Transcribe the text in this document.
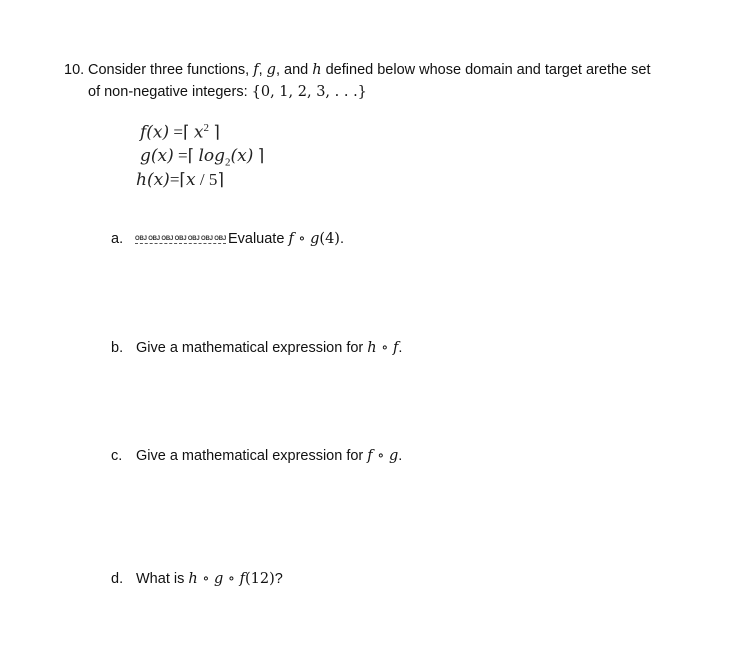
10. Consider three functions, f, g, and h defined below whose domain and target arethe set
of non-negative integers: {0, 1, 2, 3, . . .}
f(x) =⌈ $x^2$ ⌉
g(x) =⌈ $\log_2(x)$ ⌉
h(x)=⌈x / 5⌉
a. OBJ OBJ OBJ OBJ OBJ OBJ OBJ Evaluate f ∘ g(4).
b. Give a mathematical expression for h ∘ f.
c. Give a mathematical expression for f ∘ g.
d. What is h ∘ g ∘ f(12)?
